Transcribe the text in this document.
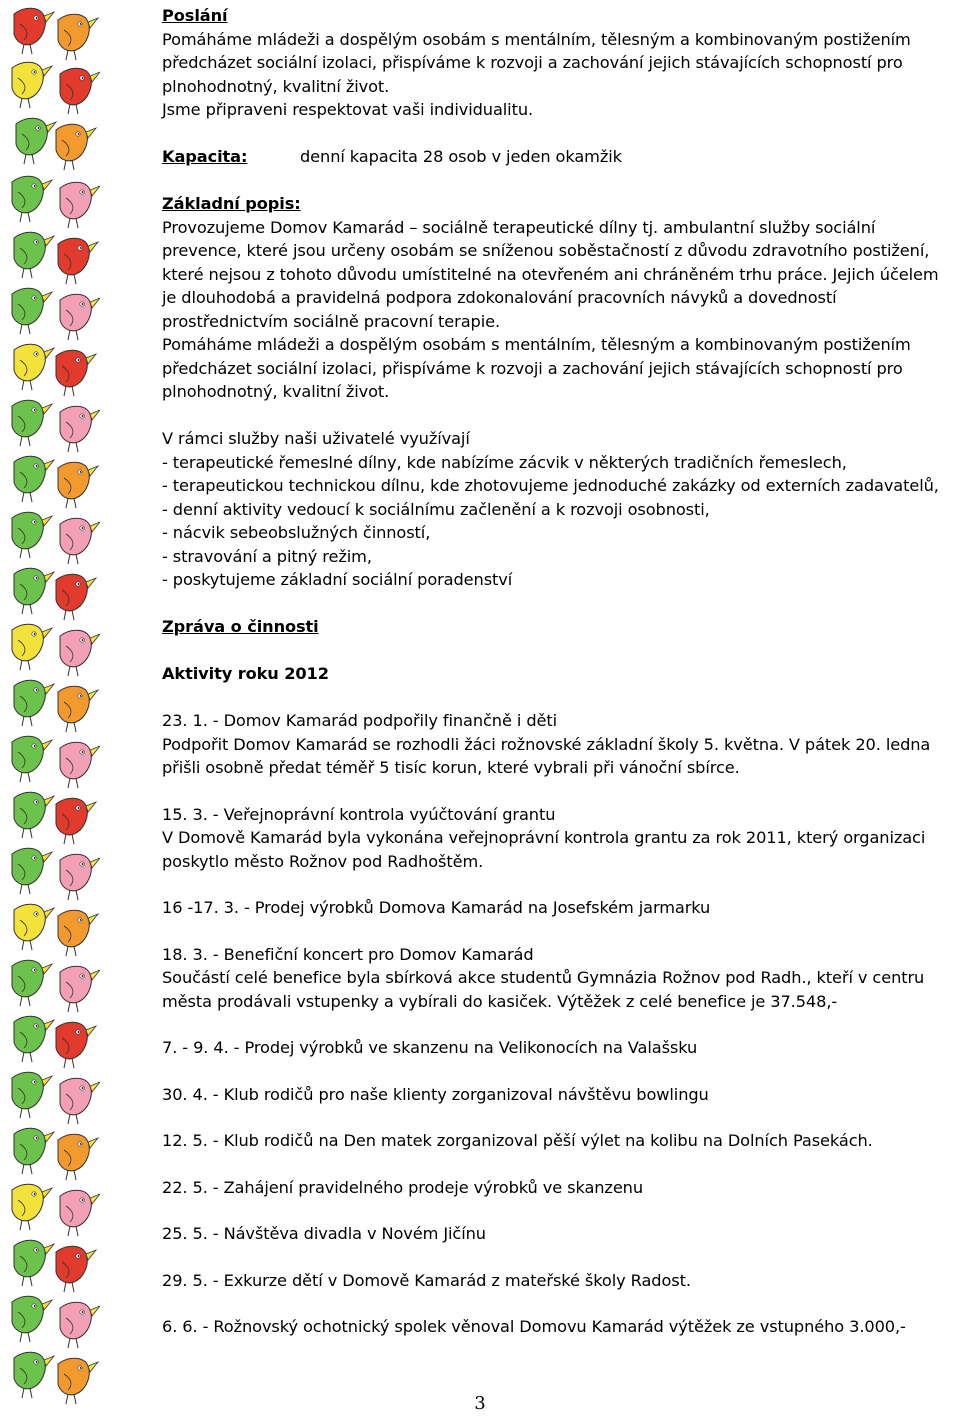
Poslání

Pomáháme mládeži a dospělým osobám s mentálním, tělesným a kombinovaným postižením předcházet sociální izolaci, přispíváme k rozvoji a zachování jejich stávajících schopností pro plnohodnotný, kvalitní život.

Jsme připraveni respektovat vaši individualitu.

Kapacita:	denní kapacita 28 osob v jeden okamžik

Základní popis:

Provozujeme Domov Kamarád – sociálně terapeutické dílny tj. ambulantní služby sociální prevence, které jsou určeny osobám se sníženou soběstačností z důvodu zdravotního postižení, které nejsou z tohoto důvodu umístitelné na otevřeném ani chráněném trhu práce. Jejich účelem je dlouhodobá a pravidelná podpora zdokonalování pracovních návyků a dovedností prostřednictvím sociálně pracovní terapie.

Pomáháme mládeži a dospělým osobám s mentálním, tělesným a kombinovaným postižením předcházet sociální izolaci, přispíváme k rozvoji a zachování jejich stávajících schopností pro plnohodnotný, kvalitní život.

V rámci služby naši uživatelé využívají

- terapeutické řemeslné dílny, kde nabízíme zácvik v některých tradičních řemeslech,

- terapeutickou technickou dílnu, kde zhotovujeme jednoduché zakázky od externích zadavatelů,

- denní aktivity vedoucí k sociálnímu začlenění a k rozvoji osobnosti,

- nácvik sebeobslužných činností,

- stravování a pitný režim,

- poskytujeme základní sociální poradenství

Zpráva o činnosti

Aktivity roku 2012

23. 1. - Domov Kamarád podpořily finančně i děti

Podpořit Domov Kamarád se rozhodli žáci rožnovské základní školy 5. května. V pátek 20. ledna přišli osobně předat téměř 5 tisíc korun, které vybrali při vánoční sbírce.

15. 3. - Veřejnoprávní kontrola vyúčtování grantu

V Domově Kamarád byla vykonána veřejnoprávní kontrola grantu za rok 2011, který organizaci poskytlo město Rožnov pod Radhoštěm.

16 -17. 3. - Prodej výrobků Domova Kamarád na Josefském jarmarku

18. 3. - Benefiční koncert pro Domov Kamarád

Součástí celé benefice byla sbírková akce studentů Gymnázia Rožnov pod Radh., kteří v centru města prodávali vstupenky a vybírali do kasiček. Výtěžek z celé benefice je 37.548,-

7. - 9. 4. - Prodej výrobků ve skanzenu na Velikonocích na Valašsku

30. 4. - Klub rodičů pro naše klienty zorganizoval návštěvu bowlingu

12. 5. - Klub rodičů na Den matek zorganizoval pěší výlet na kolibu na Dolních Pasekách.

22. 5. - Zahájení pravidelného prodeje výrobků ve skanzenu

25. 5. - Návštěva divadla v Novém Jičínu

29. 5. - Exkurze dětí v Domově Kamarád z mateřské školy Radost.

6. 6. - Rožnovský ochotnický spolek věnoval Domovu Kamarád výtěžek ze vstupného 3.000,-

3
